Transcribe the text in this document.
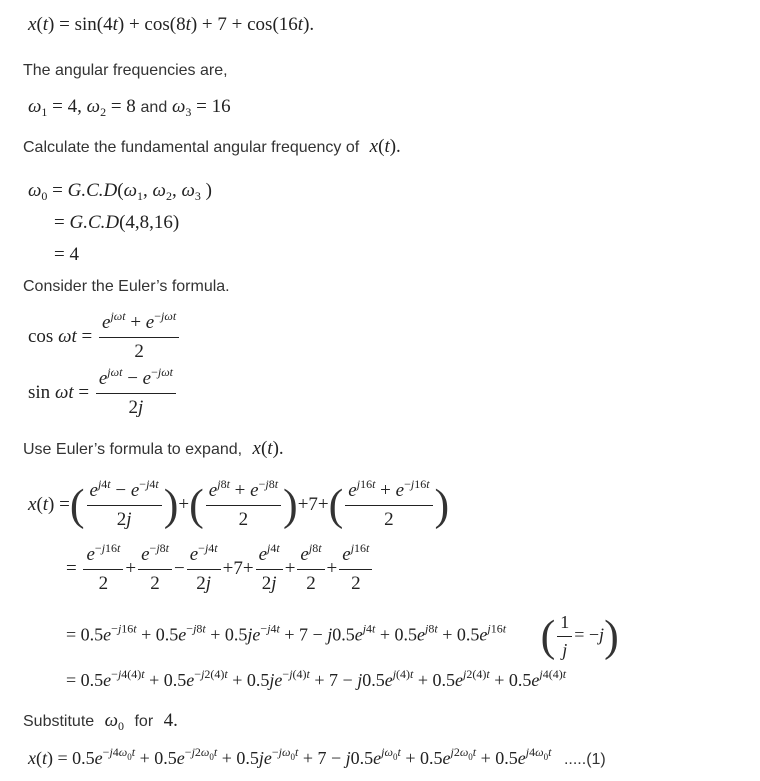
x(t) = sin(4t) + cos(8t) + 7 + cos(16t).
The angular frequencies are,
$\omega_1 = 4$, $\omega_2 = 8$ and $\omega_3 = 16$
Calculate the fundamental angular frequency of x(t).
$\omega_0 = G.C.D(\omega_1$, $\omega_2$, $\omega_3$ )
= G.C.D(4,8,16)
= 4
Consider the Euler’s formula.
$\cos \omega t = \frac{e^{j\omega t} + e^{-j\omega t}}{2}$
$\sin \omega t = \frac{e^{j\omega t} - e^{-j\omega t}}{2j}$
Use Euler’s formula to expand, x(t).
x(t) =( $\frac{e^{j4t} - e^{-j4t}}{2j}$ )+( $\frac{e^{j8t} + e^{-j8t}}{2} )+7+( \frac{e^{j16t} + e^{-j16t}}{2}$ )
= $\frac{e^{-j16t}}{2} + \frac{e^{-j8t}}{2} - \frac{e^{-j4t}}{2j} +7+ \frac{e^{j4t}}{2j} + \frac{e^{j8t}}{2} + \frac{e^{j16t}}{2}$
= $0.5e^{-j16t} + 0.5e^{-j8t} + 0.5je^{-j4t} + 7 - j0.5e^{j4t} + 0.5e^{j8t} + 0.5e^{j16t}$ ( $\frac{1}{j} = -j$)
= $0.5e^{-j4(4)t} + 0.5e^{-j2(4)t} + 0.5je^{-j(4)t} + 7 - j0.5e^{j(4)t} + 0.5e^{j2(4)t} + 0.5e^{j4(4)t}$
Substitute $\omega_0$ for 4.
$x(t) = 0.5e^{-j4\omega_0t} + 0.5e^{-j2\omega_0t} + 0.5je^{-j\omega_0t} + 7 - j0.5e^{j\omega_0t} + 0.5e^{j2\omega_0t} + 0.5e^{j4\omega_0t}$ .....(1)
